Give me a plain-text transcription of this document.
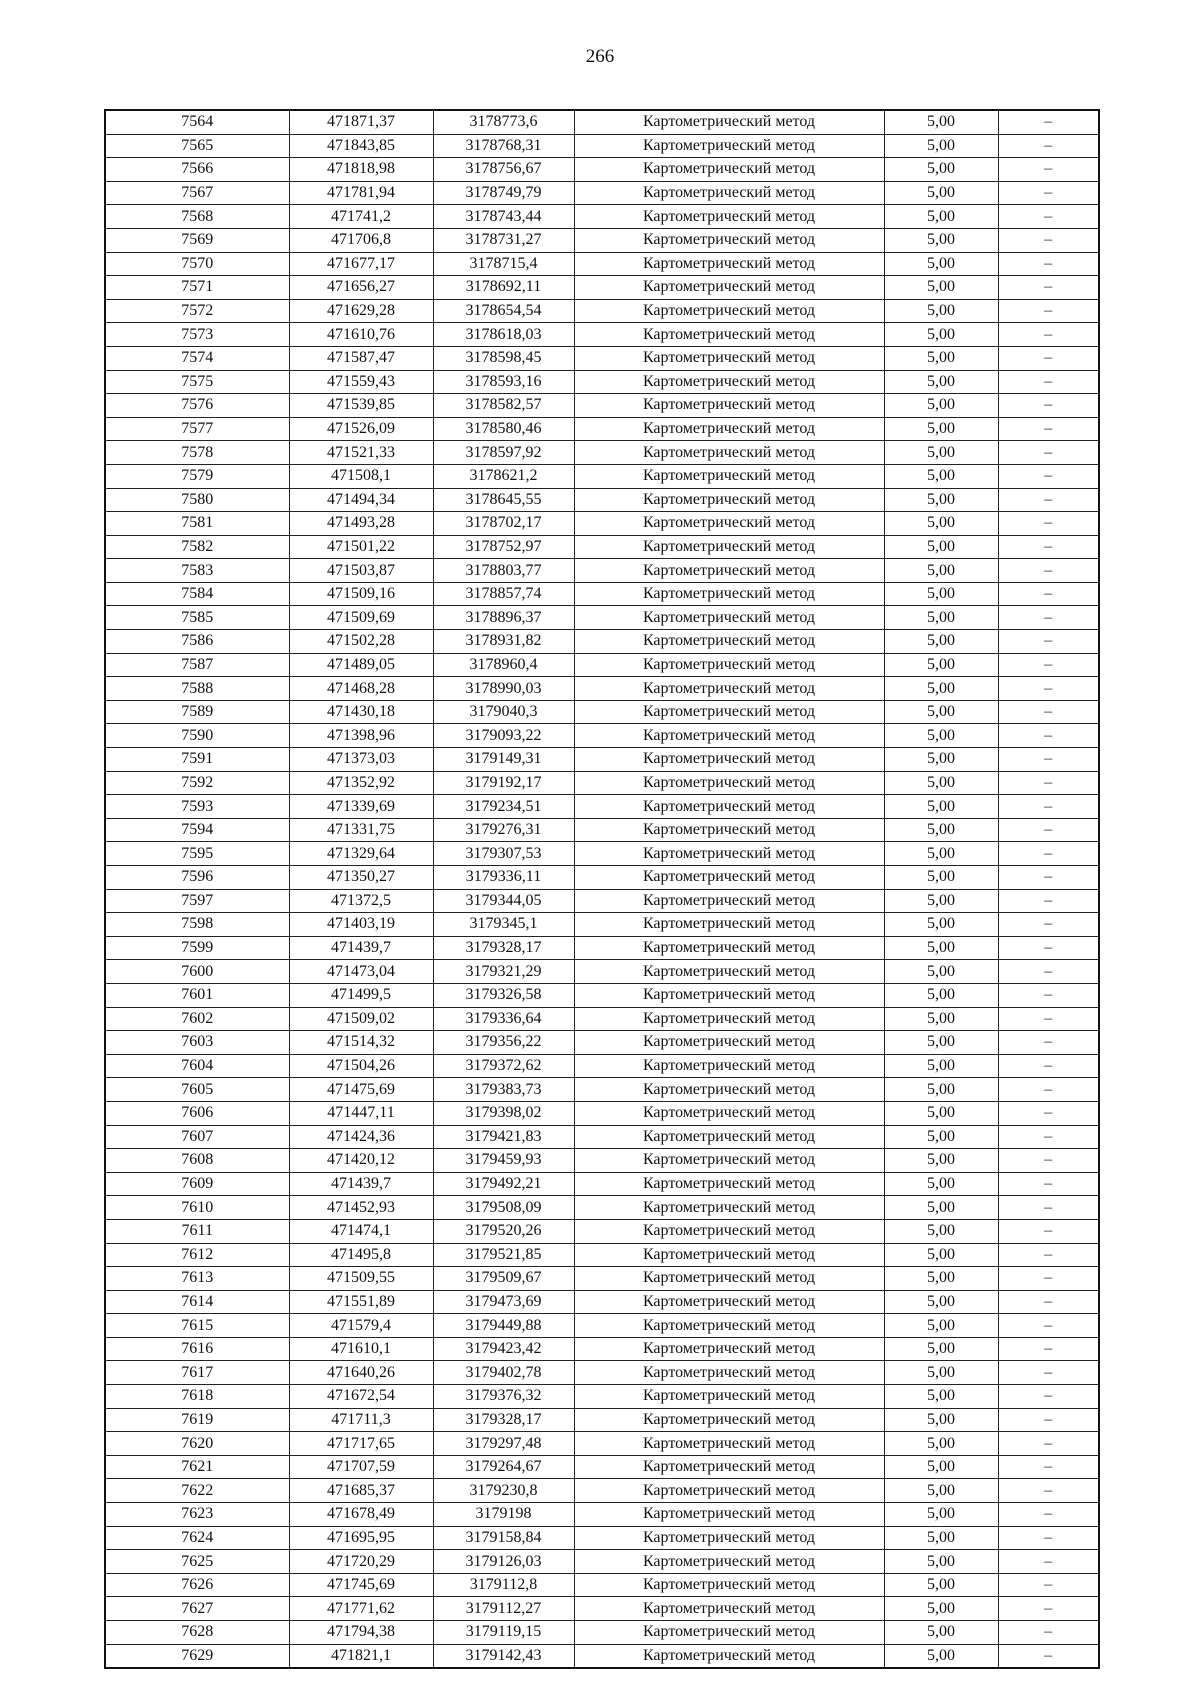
266
7564	471871,37	3178773,6	Картометрический метод	5,00	–
7565	471843,85	3178768,31	Картометрический метод	5,00	–
7566	471818,98	3178756,67	Картометрический метод	5,00	–
7567	471781,94	3178749,79	Картометрический метод	5,00	–
7568	471741,2	3178743,44	Картометрический метод	5,00	–
7569	471706,8	3178731,27	Картометрический метод	5,00	–
7570	471677,17	3178715,4	Картометрический метод	5,00	–
7571	471656,27	3178692,11	Картометрический метод	5,00	–
7572	471629,28	3178654,54	Картометрический метод	5,00	–
7573	471610,76	3178618,03	Картометрический метод	5,00	–
7574	471587,47	3178598,45	Картометрический метод	5,00	–
7575	471559,43	3178593,16	Картометрический метод	5,00	–
7576	471539,85	3178582,57	Картометрический метод	5,00	–
7577	471526,09	3178580,46	Картометрический метод	5,00	–
7578	471521,33	3178597,92	Картометрический метод	5,00	–
7579	471508,1	3178621,2	Картометрический метод	5,00	–
7580	471494,34	3178645,55	Картометрический метод	5,00	–
7581	471493,28	3178702,17	Картометрический метод	5,00	–
7582	471501,22	3178752,97	Картометрический метод	5,00	–
7583	471503,87	3178803,77	Картометрический метод	5,00	–
7584	471509,16	3178857,74	Картометрический метод	5,00	–
7585	471509,69	3178896,37	Картометрический метод	5,00	–
7586	471502,28	3178931,82	Картометрический метод	5,00	–
7587	471489,05	3178960,4	Картометрический метод	5,00	–
7588	471468,28	3178990,03	Картометрический метод	5,00	–
7589	471430,18	3179040,3	Картометрический метод	5,00	–
7590	471398,96	3179093,22	Картометрический метод	5,00	–
7591	471373,03	3179149,31	Картометрический метод	5,00	–
7592	471352,92	3179192,17	Картометрический метод	5,00	–
7593	471339,69	3179234,51	Картометрический метод	5,00	–
7594	471331,75	3179276,31	Картометрический метод	5,00	–
7595	471329,64	3179307,53	Картометрический метод	5,00	–
7596	471350,27	3179336,11	Картометрический метод	5,00	–
7597	471372,5	3179344,05	Картометрический метод	5,00	–
7598	471403,19	3179345,1	Картометрический метод	5,00	–
7599	471439,7	3179328,17	Картометрический метод	5,00	–
7600	471473,04	3179321,29	Картометрический метод	5,00	–
7601	471499,5	3179326,58	Картометрический метод	5,00	–
7602	471509,02	3179336,64	Картометрический метод	5,00	–
7603	471514,32	3179356,22	Картометрический метод	5,00	–
7604	471504,26	3179372,62	Картометрический метод	5,00	–
7605	471475,69	3179383,73	Картометрический метод	5,00	–
7606	471447,11	3179398,02	Картометрический метод	5,00	–
7607	471424,36	3179421,83	Картометрический метод	5,00	–
7608	471420,12	3179459,93	Картометрический метод	5,00	–
7609	471439,7	3179492,21	Картометрический метод	5,00	–
7610	471452,93	3179508,09	Картометрический метод	5,00	–
7611	471474,1	3179520,26	Картометрический метод	5,00	–
7612	471495,8	3179521,85	Картометрический метод	5,00	–
7613	471509,55	3179509,67	Картометрический метод	5,00	–
7614	471551,89	3179473,69	Картометрический метод	5,00	–
7615	471579,4	3179449,88	Картометрический метод	5,00	–
7616	471610,1	3179423,42	Картометрический метод	5,00	–
7617	471640,26	3179402,78	Картометрический метод	5,00	–
7618	471672,54	3179376,32	Картометрический метод	5,00	–
7619	471711,3	3179328,17	Картометрический метод	5,00	–
7620	471717,65	3179297,48	Картометрический метод	5,00	–
7621	471707,59	3179264,67	Картометрический метод	5,00	–
7622	471685,37	3179230,8	Картометрический метод	5,00	–
7623	471678,49	3179198	Картометрический метод	5,00	–
7624	471695,95	3179158,84	Картометрический метод	5,00	–
7625	471720,29	3179126,03	Картометрический метод	5,00	–
7626	471745,69	3179112,8	Картометрический метод	5,00	–
7627	471771,62	3179112,27	Картометрический метод	5,00	–
7628	471794,38	3179119,15	Картометрический метод	5,00	–
7629	471821,1	3179142,43	Картометрический метод	5,00	–
